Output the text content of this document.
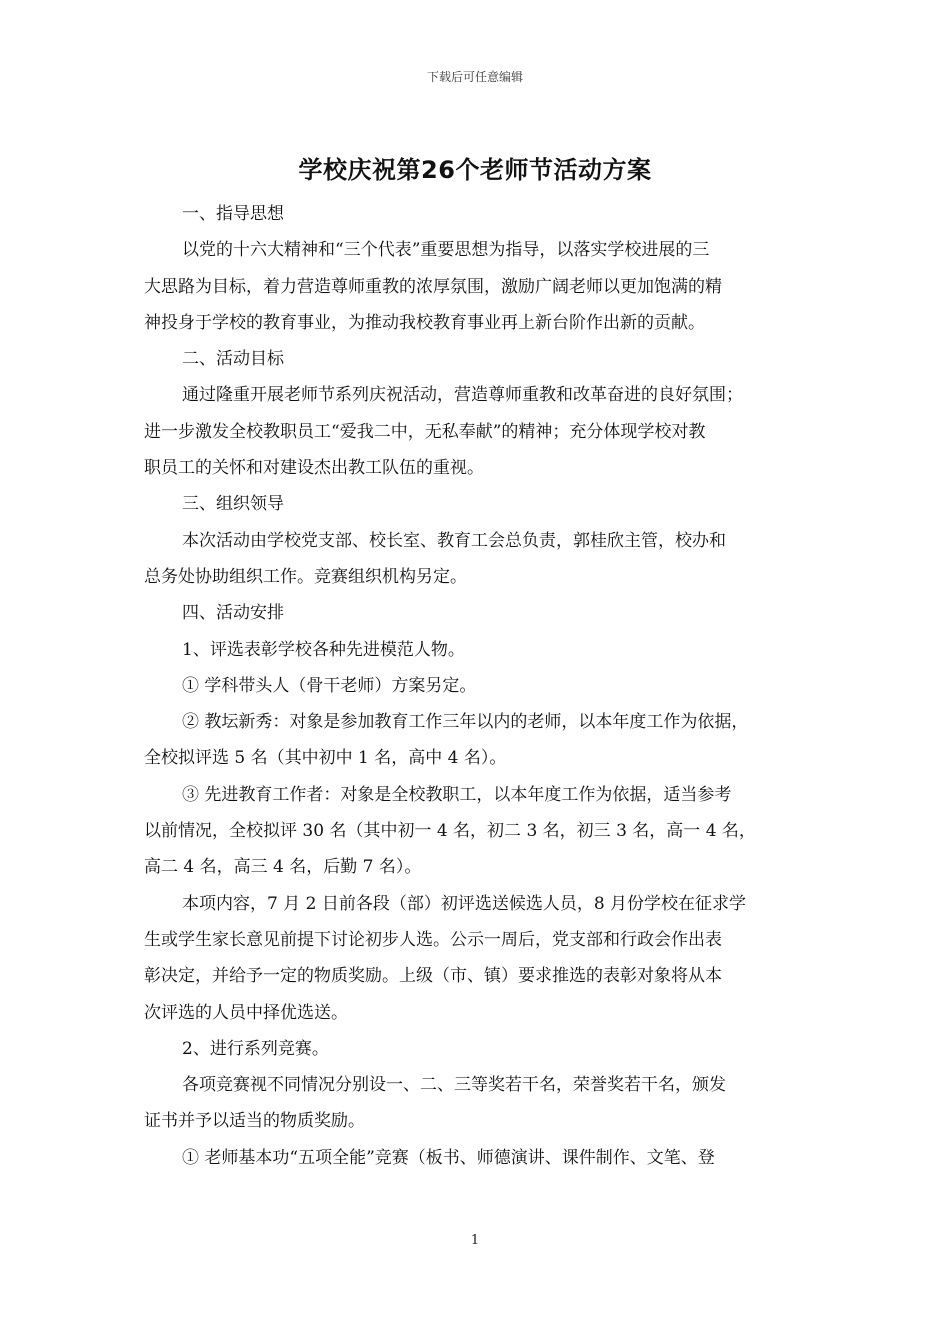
下载后可任意编辑
学校庆祝第26个老师节活动方案
一、指导思想
以党的十六大精神和“三个代表”重要思想为指导，以落实学校进展的三
大思路为目标，着力营造尊师重教的浓厚氛围，激励广阔老师以更加饱满的精
神投身于学校的教育事业，为推动我校教育事业再上新台阶作出新的贡献。
二、活动目标
通过隆重开展老师节系列庆祝活动，营造尊师重教和改革奋进的良好氛围；
进一步激发全校教职员工“爱我二中，无私奉献”的精神；充分体现学校对教
职员工的关怀和对建设杰出教工队伍的重视。
三、组织领导
本次活动由学校党支部、校长室、教育工会总负责，郭桂欣主管，校办和
总务处协助组织工作。竞赛组织机构另定。
四、活动安排
1、评选表彰学校各种先进模范人物。
① 学科带头人（骨干老师）方案另定。
② 教坛新秀：对象是参加教育工作三年以内的老师，以本年度工作为依据，
全校拟评选 5 名（其中初中 1 名，高中 4 名）。
③ 先进教育工作者：对象是全校教职工，以本年度工作为依据，适当参考
以前情况，全校拟评 30 名（其中初一 4 名，初二 3 名，初三 3 名，高一 4 名，
高二 4 名，高三 4 名，后勤 7 名）。
本项内容，7 月 2 日前各段（部）初评选送候选人员，8 月份学校在征求学
生或学生家长意见前提下讨论初步人选。公示一周后，党支部和行政会作出表
彰决定，并给予一定的物质奖励。上级（市、镇）要求推选的表彰对象将从本
次评选的人员中择优选送。
2、进行系列竞赛。
各项竞赛视不同情况分别设一、二、三等奖若干名，荣誉奖若干名，颁发
证书并予以适当的物质奖励。
① 老师基本功“五项全能”竞赛（板书、师德演讲、课件制作、文笔、登
1
